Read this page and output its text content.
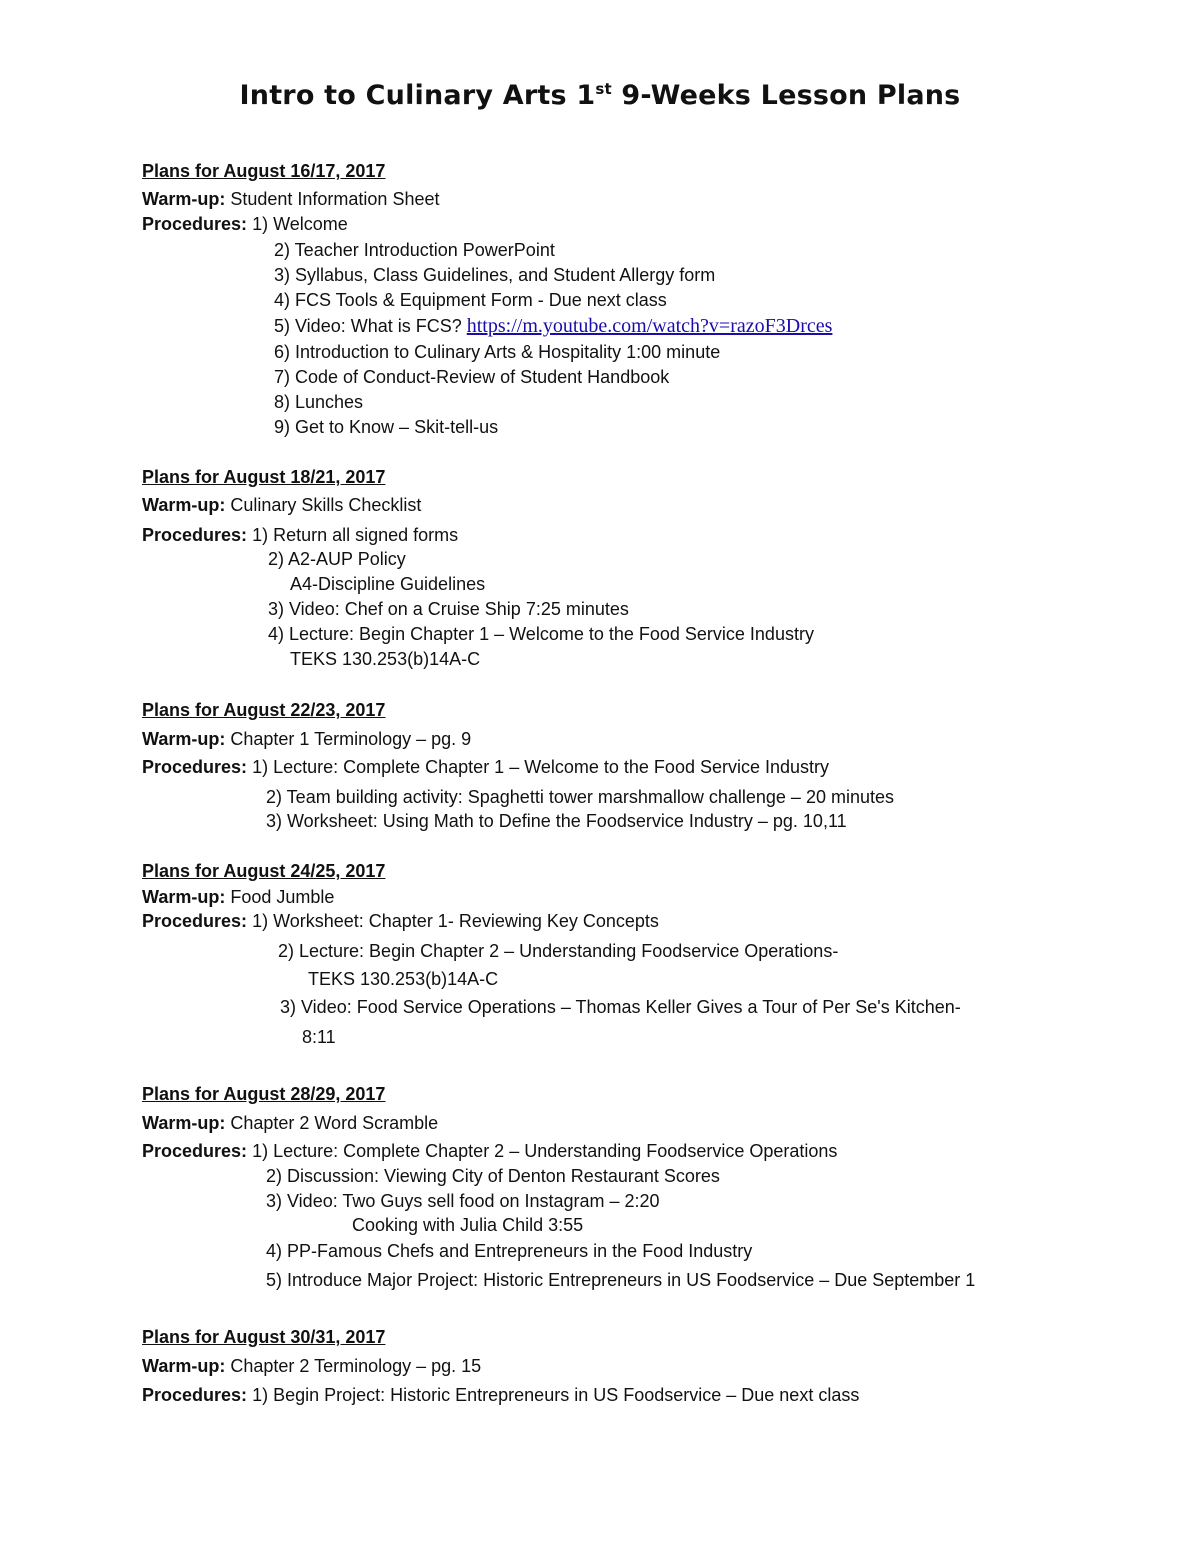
Intro to Culinary Arts 1st 9-Weeks Lesson Plans
Plans for August 16/17, 2017
Warm-up: Student Information Sheet
Procedures: 1) Welcome
2) Teacher Introduction PowerPoint
3) Syllabus, Class Guidelines, and Student Allergy form
4) FCS Tools & Equipment Form - Due next class
5) Video: What is FCS? https://m.youtube.com/watch?v=razoF3Drces
6) Introduction to Culinary Arts & Hospitality 1:00 minute
7) Code of Conduct-Review of Student Handbook
8) Lunches
9) Get to Know – Skit-tell-us
Plans for August 18/21, 2017
Warm-up: Culinary Skills Checklist
Procedures: 1) Return all signed forms
2) A2-AUP Policy
A4-Discipline Guidelines
3) Video: Chef on a Cruise Ship 7:25 minutes
4) Lecture: Begin Chapter 1 – Welcome to the Food Service Industry
TEKS 130.253(b)14A-C
Plans for August 22/23, 2017
Warm-up: Chapter 1 Terminology – pg. 9
Procedures: 1) Lecture: Complete Chapter 1 – Welcome to the Food Service Industry
2) Team building activity: Spaghetti tower marshmallow challenge – 20 minutes
3) Worksheet: Using Math to Define the Foodservice Industry – pg. 10,11
Plans for August 24/25, 2017
Warm-up: Food Jumble
Procedures: 1) Worksheet: Chapter 1- Reviewing Key Concepts
2) Lecture: Begin Chapter 2 – Understanding Foodservice Operations-
TEKS 130.253(b)14A-C
3) Video: Food Service Operations – Thomas Keller Gives a Tour of Per Se's Kitchen-
8:11
Plans for August 28/29, 2017
Warm-up: Chapter 2 Word Scramble
Procedures: 1) Lecture: Complete Chapter 2 – Understanding Foodservice Operations
2) Discussion: Viewing City of Denton Restaurant Scores
3) Video: Two Guys sell food on Instagram – 2:20
Cooking with Julia Child 3:55
4) PP-Famous Chefs and Entrepreneurs in the Food Industry
5) Introduce Major Project: Historic Entrepreneurs in US Foodservice – Due September 1
Plans for August 30/31, 2017
Warm-up: Chapter 2 Terminology – pg. 15
Procedures: 1) Begin Project: Historic Entrepreneurs in US Foodservice – Due next class
